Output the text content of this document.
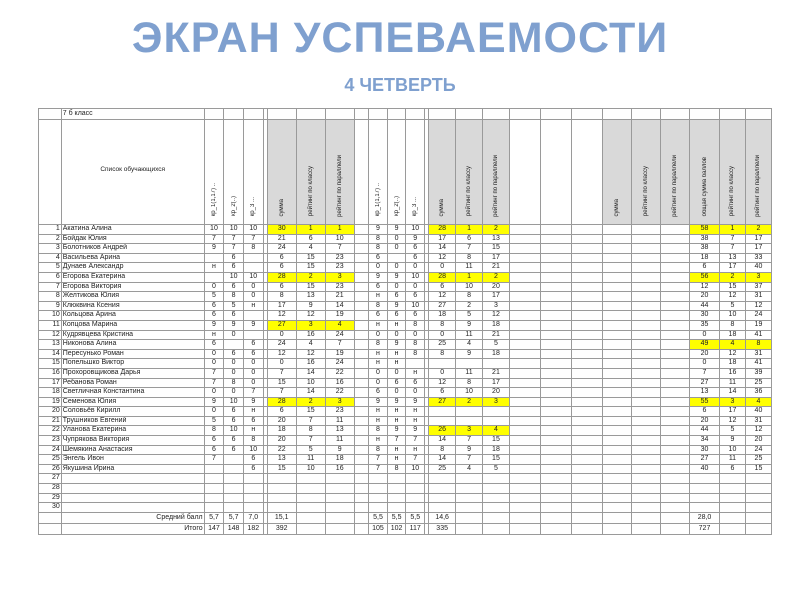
ЭКРАН УСПЕВАЕМОСТИ
4 ЧЕТВЕРТЬ
	7 б класс																								

	Список обучающихся	кр_1(1,17) ..	кр_2(..)	кр_3 ...		сумма	рейтинг по классу	рейтинг по параллели		кр_1(1,17) ..	кр_2(..)	кр_3 ...		сумма	рейтинг по классу	рейтинг по параллели				сумма	рейтинг по классу	рейтинг по параллели	общая сумма баллов	рейтинг по классу	рейтинг по параллели
1	Акатина Алина	10	10	10		30	1	1		9	9	10		28	1	2							58	1	2
2	Бойдак Юлия	7	7	7		21	6	10		8	0	9		17	6	13							38	7	17
3	Болотников Андрей	9	7	8		24	4	7		8	0	6		14	7	15							38	7	17
4	Васильева Арина		6			6	15	23		6		6		12	8	17							18	13	33
5	Дунаев Александр	н	6			6	15	23		0	0	0		0	11	21							6	17	40
6	Егорова Екатерина		10	10		28	2	3		9	9	10		28	1	2							56	2	3
7	Егорова Виктория	0	6	0		6	15	23		6	0	0		6	10	20							12	15	37
8	Желтикова Юлия	5	8	0		8	13	21		н	6	6		12	8	17							20	12	31
9	Клюквина Ксения	6	5	н		17	9	14		8	9	10		27	2	3							44	5	12
10	Кольцова Арина	6	6			12	12	19		6	6	6		18	5	12							30	10	24
11	Копцова Марина	9	9	9		27	3	4		н	н	8		8	9	18							35	8	19
12	Кудрявцева Кристина	н	0			0	16	24		0	0	0		0	11	21							0	18	41
13	Никонова Алина	6		6		24	4	7		8	9	8		25	4	5							49	4	8
14	Пересунько Роман	0	6	6		12	12	19		н	н	8		8	9	18							20	12	31
15	Попельшко Виктор	0	0	0		0	16	24		н	н												0	18	41
16	Прохоровщикова Дарья	7	0	0		7	14	22		0	0	н		0	11	21							7	16	39
17	Ребанова Роман	7	8	0		15	10	16		0	6	6		12	8	17							27	11	25
18	Светличная Константина	0	0	7		7	14	22		6	0	0		6	10	20							13	14	36
19	Семенова Юлия	9	10	9		28	2	3		9	9	9		27	2	3							55	3	4
20	Соловьёв Кирилл	0	6	н		6	15	23		н	н	н											6	17	40
21	Трушников Евгений	5	6	6		20	7	11		н	н	н											20	12	31
22	Уланова Екатерина	8	10	н		18	8	13		8	9	9		26	3	4							44	5	12
23	Чупрякова Виктория	6	6	8		20	7	11		н	7	7		14	7	15							34	9	20
24	Шемякина Анастасия	6	6	10		22	5	9		8	н	н		8	9	18							30	10	24
25	Энгель Ивон	7		6		13	11	18		7	н	7		14	7	15							27	11	25
26	Якушина Ирина			6		15	10	16		7	8	10		25	4	5							40	6	15
27																									
28																									
29																									
30																									
	Средний балл	5,7	5,7	7,0		15,1				5,5	5,5	5,5		14,6									28,0		
	Итого	147	148	182		392				105	102	117		335									727		
